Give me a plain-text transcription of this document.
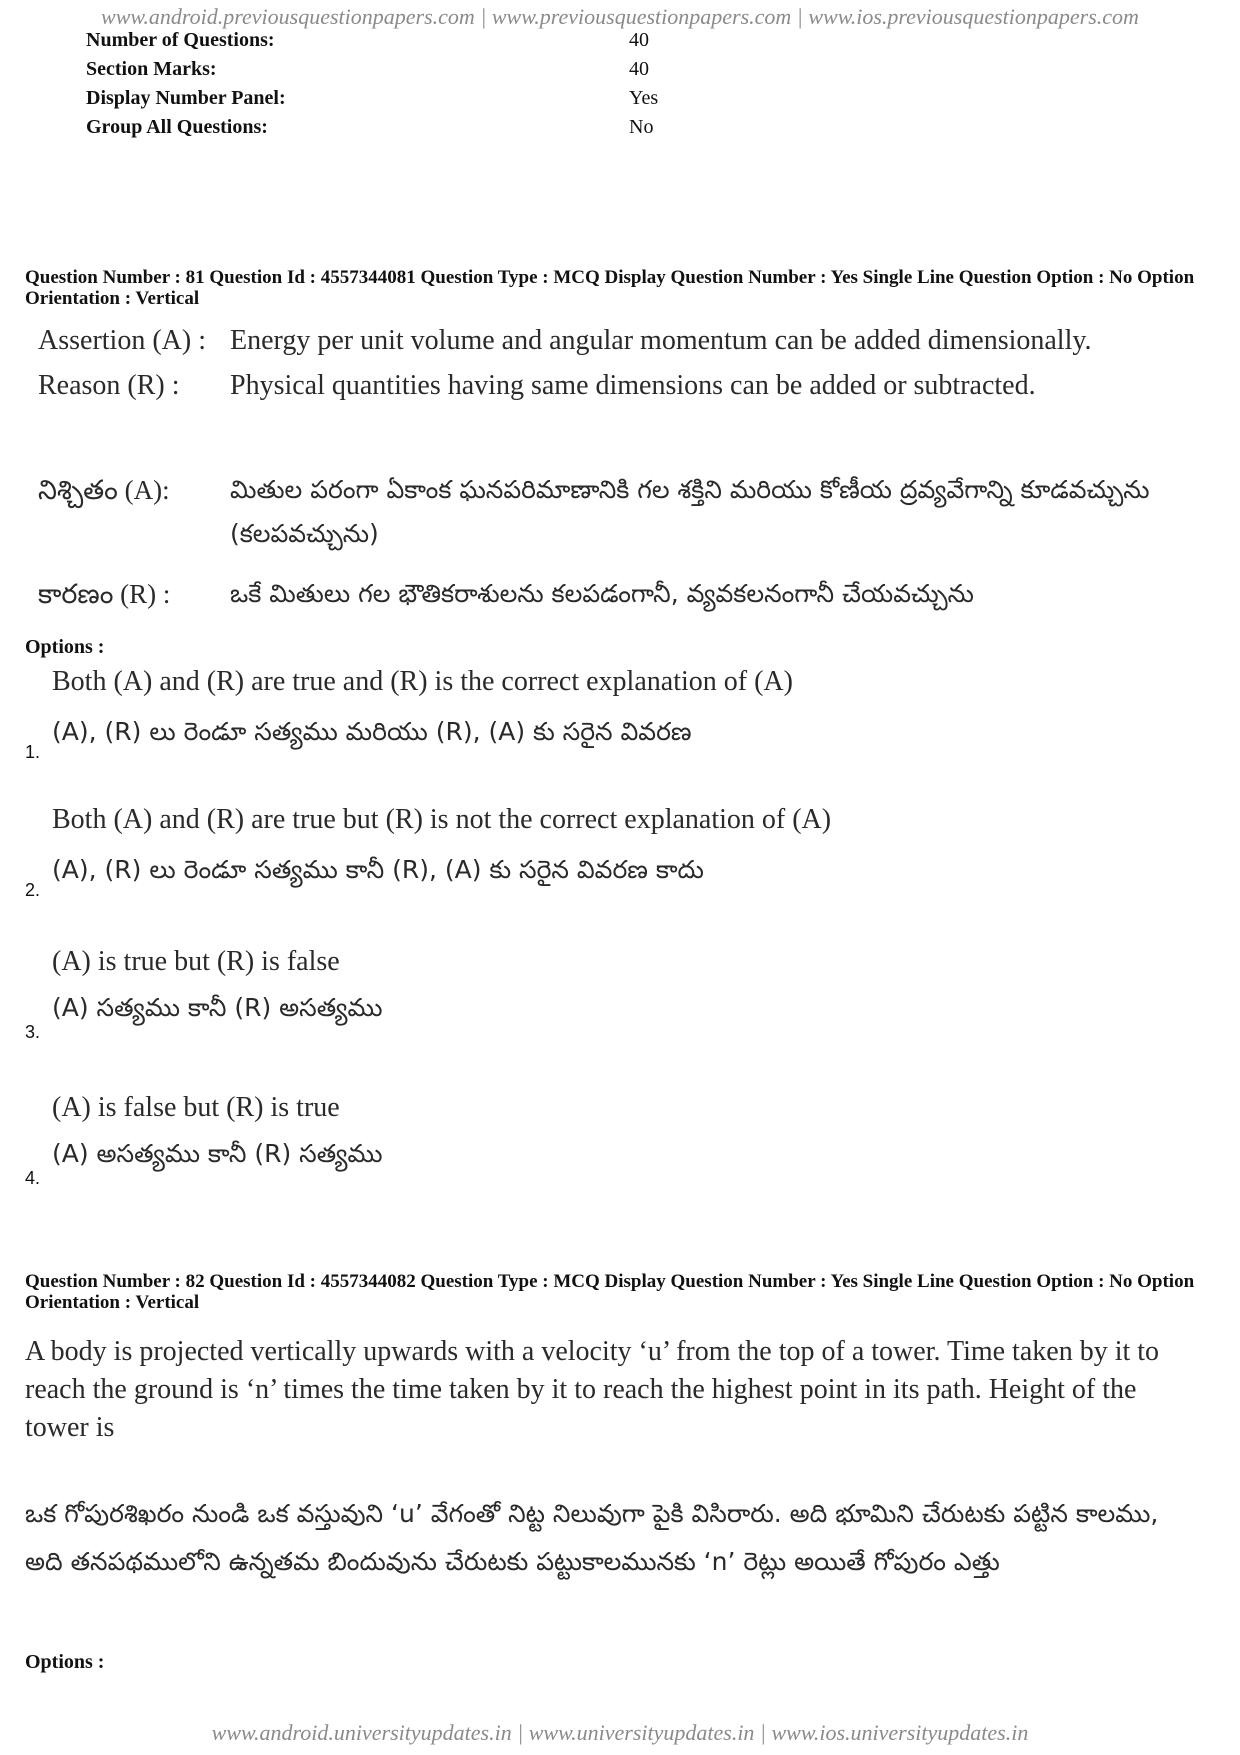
www.android.previousquestionpapers.com | www.previousquestionpapers.com | www.ios.previousquestionpapers.com
Number of Questions:	40
Section Marks:	40
Display Number Panel:	Yes
Group All Questions:	No
Question Number : 81 Question Id : 4557344081 Question Type : MCQ Display Question Number : Yes Single Line Question Option : No Option Orientation : Vertical
Assertion (A) : Energy per unit volume and angular momentum can be added dimensionally.
Reason (R) :	Physical quantities having same dimensions can be added or subtracted.
నిశ్చితం (A):	మితుల పరంగా ఏకాంక ఘనపరిమాణానికి గల శక్తిని మరియు కోణీయ ద్రవ్యవేగాన్ని కూడవచ్చును (కలపవచ్చును)
కారణం (R) :	ఒకే మితులు గల భౌతికరాశులను కలపడంగానీ, వ్యవకలనంగానీ చేయవచ్చును
Options :
Both (A) and (R) are true and (R) is the correct explanation of (A)
(A), (R) లు రెండూ సత్యము మరియు (R), (A) కు సరైన వివరణ
1.
Both (A) and (R) are true but (R) is not the correct explanation of (A)
(A), (R) లు రెండూ సత్యము కానీ (R), (A) కు సరైన వివరణ కాదు
2.
(A) is true but (R) is false
(A) సత్యము కానీ (R) అసత్యము
3.
(A) is false but (R) is true
(A) అసత్యము కానీ (R) సత్యము
4.
Question Number : 82 Question Id : 4557344082 Question Type : MCQ Display Question Number : Yes Single Line Question Option : No Option Orientation : Vertical
A body is projected vertically upwards with a velocity ‘u’ from the top of a tower. Time taken by it to reach the ground is ‘n’ times the time taken by it to reach the highest point in its path. Height of the tower is
ఒక గోపురశిఖరం నుండి ఒక వస్తువుని ‘u’ వేగంతో నిట్ట నిలువుగా పైకి విసిరారు. అది భూమిని చేరుటకు పట్టిన కాలము, అది తనపథములోని ఉన్నతమ బిందువును చేరుటకు పట్టుకాలమునకు ‘n’ రెట్లు అయితే గోపురం ఎత్తు
Options :
www.android.universityupdates.in | www.universityupdates.in | www.ios.universityupdates.in
